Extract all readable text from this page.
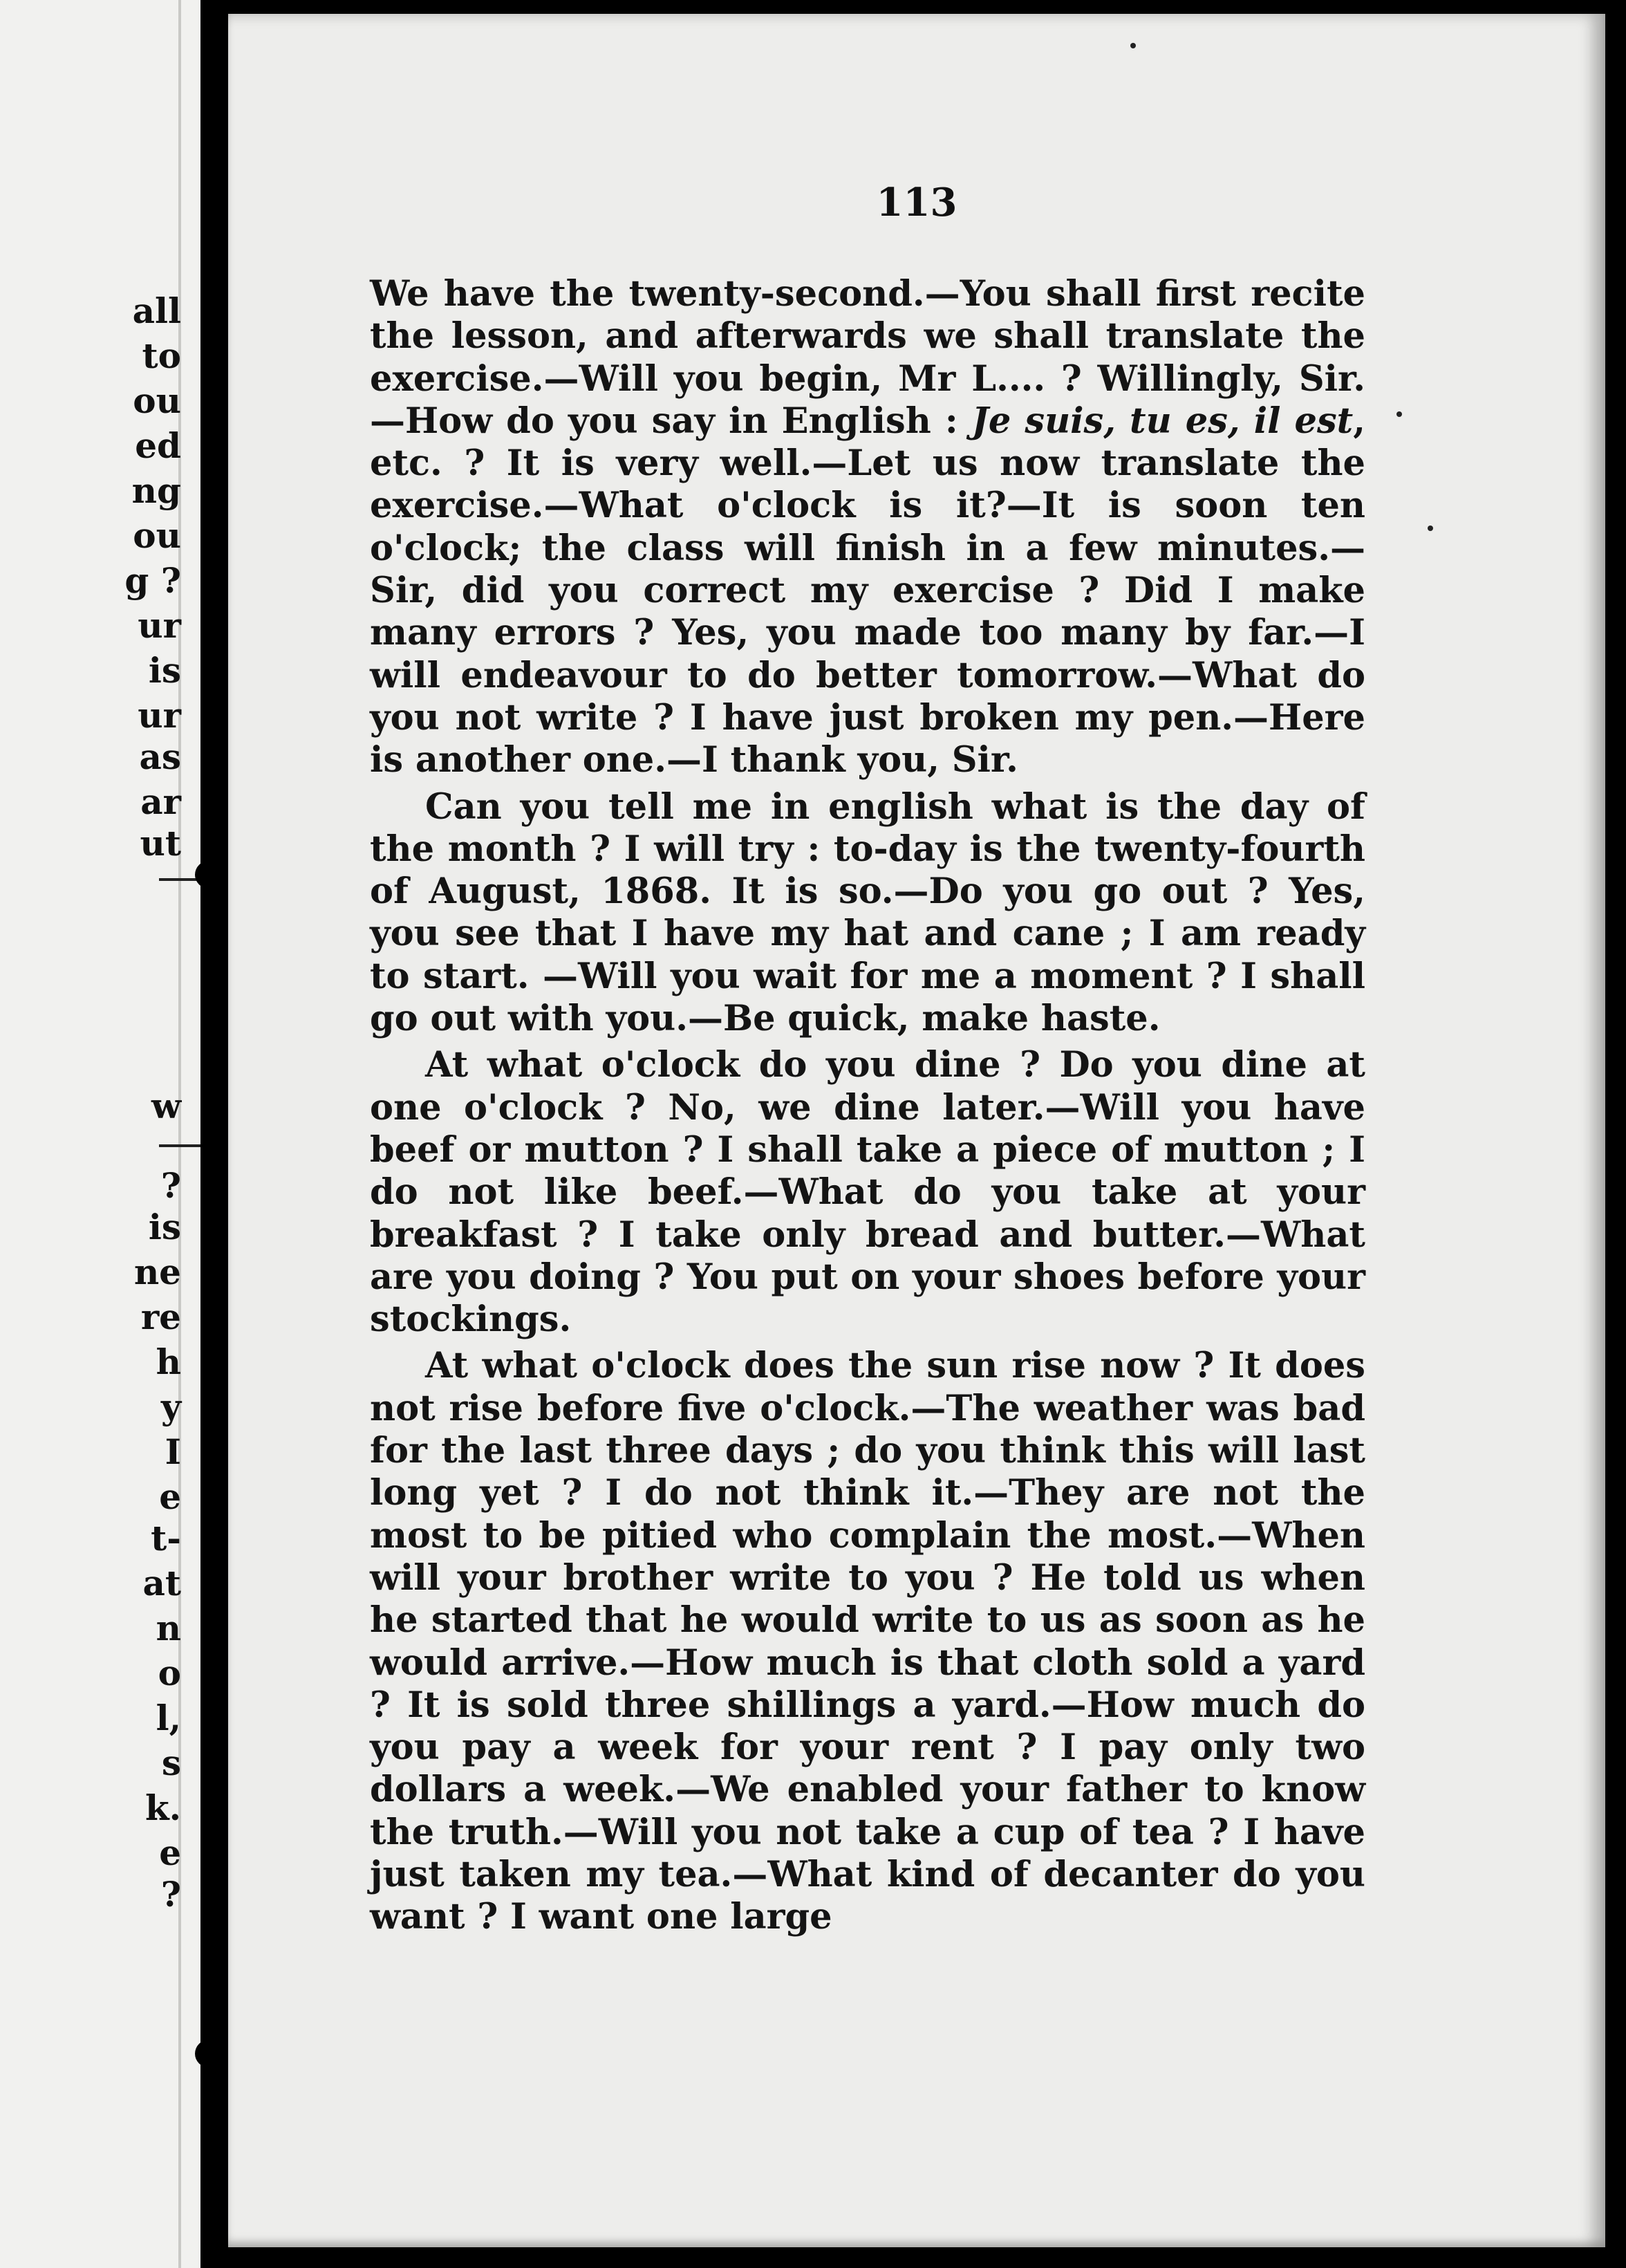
all
to
ou
ed
ng
ou
g ?
ur
is
ur
as
ar
ut
w
?
is
ne
re
h
y
I
e
t-
at
n
o
l,
s
k.
e
?
113

We have the twenty-second.—You shall first recite the lesson, and afterwards we shall translate the exercise.—Will you begin, Mr L.... ? Willingly, Sir.—How do you say in English : Je suis, tu es, il est, etc. ? It is very well.—Let us now translate the exercise.—What o'clock is it?—It is soon ten o'clock; the class will finish in a few minutes.—Sir, did you correct my exercise ? Did I make many errors ? Yes, you made too many by far.—I will endeavour to do better tomorrow.—What do you not write ? I have just broken my pen.—Here is another one.—I thank you, Sir.

Can you tell me in english what is the day of the month ? I will try : to-day is the twenty-fourth of August, 1868. It is so.—Do you go out ? Yes, you see that I have my hat and cane ; I am ready to start. —Will you wait for me a moment ? I shall go out with you.—Be quick, make haste.

At what o'clock do you dine ? Do you dine at one o'clock ? No, we dine later.—Will you have beef or mutton ? I shall take a piece of mutton ; I do not like beef.—What do you take at your breakfast ? I take only bread and butter.—What are you doing ? You put on your shoes before your stockings.

At what o'clock does the sun rise now ? It does not rise before five o'clock.—The weather was bad for the last three days ; do you think this will last long yet ? I do not think it.—They are not the most to be pitied who complain the most.—When will your brother write to you ? He told us when he started that he would write to us as soon as he would arrive.—How much is that cloth sold a yard ? It is sold three shillings a yard.—How much do you pay a week for your rent ? I pay only two dollars a week.—We enabled your father to know the truth.—Will you not take a cup of tea ? I have just taken my tea.—What kind of decanter do you want ? I want one large
